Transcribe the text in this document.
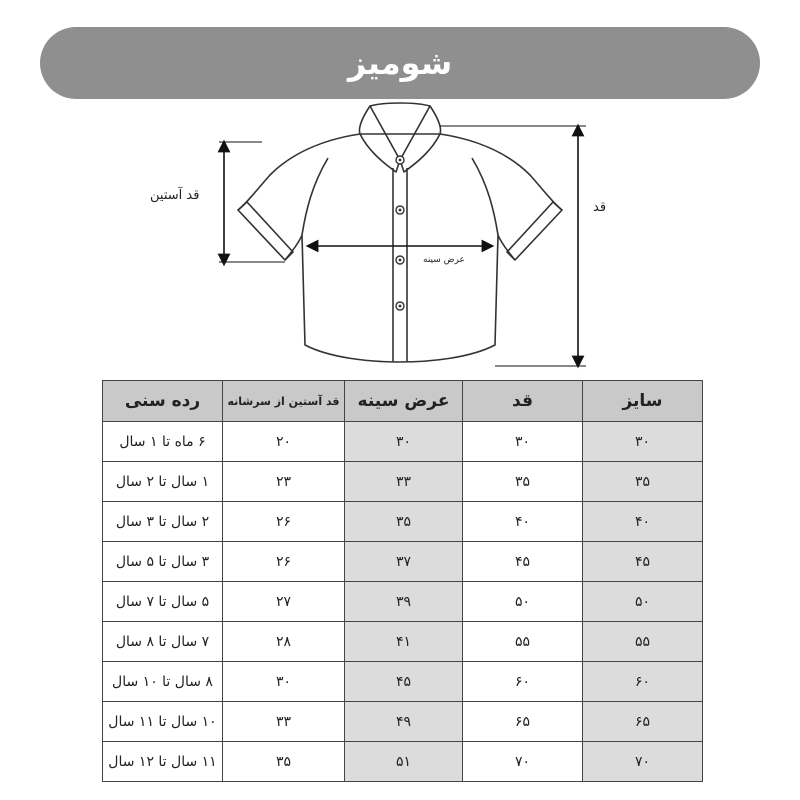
شومیز
قد آستین
قد
عرض سینه
رده سنی	قد آستین از سرشانه	عرض سینه	قد	سایز
۶ ماه تا ۱ سال	۲۰	۳۰	۳۰	۳۰
۱ سال تا ۲ سال	۲۳	۳۳	۳۵	۳۵
۲ سال تا ۳ سال	۲۶	۳۵	۴۰	۴۰
۳ سال تا ۵ سال	۲۶	۳۷	۴۵	۴۵
۵ سال تا ۷ سال	۲۷	۳۹	۵۰	۵۰
۷ سال تا ۸ سال	۲۸	۴۱	۵۵	۵۵
۸ سال تا ۱۰ سال	۳۰	۴۵	۶۰	۶۰
۱۰ سال تا ۱۱ سال	۳۳	۴۹	۶۵	۶۵
۱۱ سال تا ۱۲ سال	۳۵	۵۱	۷۰	۷۰
